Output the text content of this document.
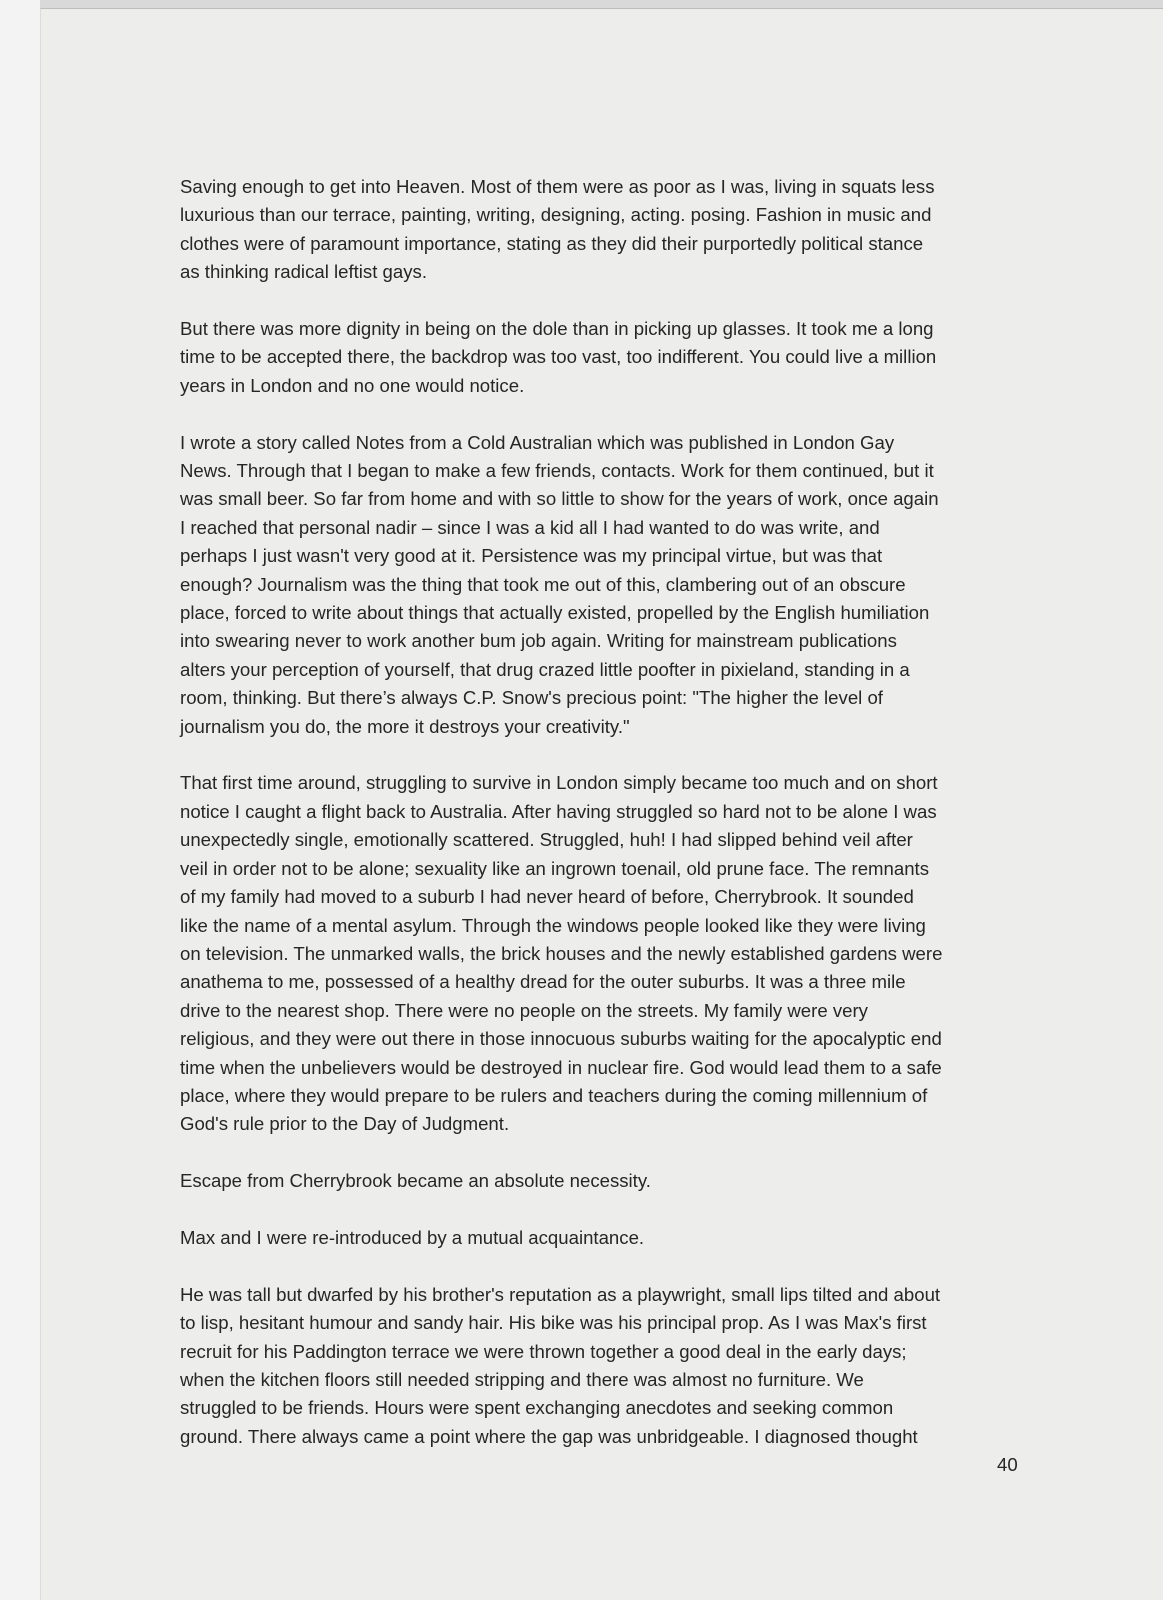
Saving enough to get into Heaven. Most of them were as poor as I was, living in squats less
luxurious than our terrace, painting, writing, designing, acting. posing. Fashion in music and
clothes were of paramount importance, stating as they did their purportedly political stance
as thinking radical leftist gays.

But there was more dignity in being on the dole than in picking up glasses. It took me a long
time to be accepted there, the backdrop was too vast, too indifferent. You could live a million
years in London and no one would notice.

I wrote a story called Notes from a Cold Australian which was published in London Gay
News. Through that I began to make a few friends, contacts. Work for them continued, but it
was small beer. So far from home and with so little to show for the years of work, once again
I reached that personal nadir – since I was a kid all I had wanted to do was write, and
perhaps I just wasn't very good at it. Persistence was my principal virtue, but was that
enough? Journalism was the thing that took me out of this, clambering out of an obscure
place, forced to write about things that actually existed, propelled by the English humiliation
into swearing never to work another bum job again. Writing for mainstream publications
alters your perception of yourself, that drug crazed little poofter in pixieland, standing in a
room, thinking. But there’s always C.P. Snow's precious point: "The higher the level of
journalism you do, the more it destroys your creativity."

That first time around, struggling to survive in London simply became too much and on short
notice I caught a flight back to Australia. After having struggled so hard not to be alone I was
unexpectedly single, emotionally scattered. Struggled, huh! I had slipped behind veil after
veil in order not to be alone; sexuality like an ingrown toenail, old prune face. The remnants
of my family had moved to a suburb I had never heard of before, Cherrybrook. It sounded
like the name of a mental asylum. Through the windows people looked like they were living
on television. The unmarked walls, the brick houses and the newly established gardens were
anathema to me, possessed of a healthy dread for the outer suburbs. It was a three mile
drive to the nearest shop. There were no people on the streets. My family were very
religious, and they were out there in those innocuous suburbs waiting for the apocalyptic end
time when the unbelievers would be destroyed in nuclear fire. God would lead them to a safe
place, where they would prepare to be rulers and teachers during the coming millennium of
God's rule prior to the Day of Judgment.

Escape from Cherrybrook became an absolute necessity.

Max and I were re-introduced by a mutual acquaintance.

He was tall but dwarfed by his brother's reputation as a playwright, small lips tilted and about
to lisp, hesitant humour and sandy hair. His bike was his principal prop. As I was Max's first
recruit for his Paddington terrace we were thrown together a good deal in the early days;
when the kitchen floors still needed stripping and there was almost no furniture. We
struggled to be friends. Hours were spent exchanging anecdotes and seeking common
ground. There always came a point where the gap was unbridgeable. I diagnosed thought

40
